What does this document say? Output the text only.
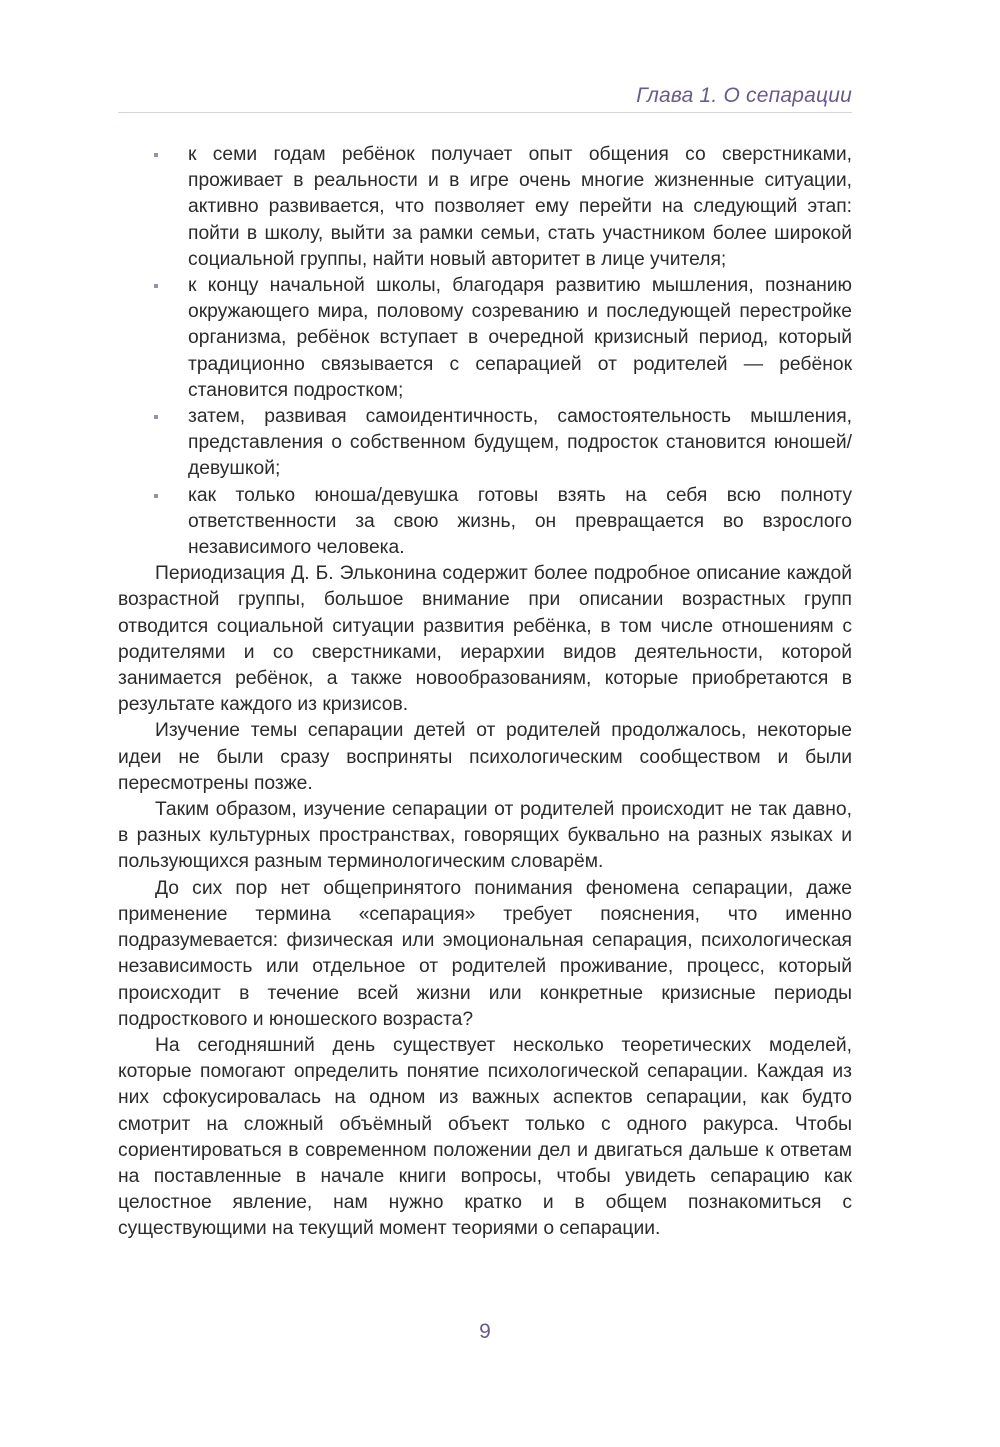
Глава 1. О сепарации
к семи годам ребёнок получает опыт общения со сверстниками, проживает в реальности и в игре очень многие жизненные ситуации, активно развивается, что позволяет ему перейти на следующий этап: пойти в школу, выйти за рамки семьи, стать участником более широкой социальной группы, найти новый авторитет в лице учителя;
к концу начальной школы, благодаря развитию мышления, познанию окружающего мира, половому созреванию и последующей перестройке организма, ребёнок вступает в очередной кризисный период, который традиционно связывается с сепарацией от родителей — ребёнок становится подростком;
затем, развивая самоидентичность, самостоятельность мышления, представления о собственном будущем, подросток становится юношей/девушкой;
как только юноша/девушка готовы взять на себя всю полноту ответственности за свою жизнь, он превращается во взрослого независимого человека.

Периодизация Д. Б. Эльконина содержит более подробное описание каждой возрастной группы, большое внимание при описании возрастных групп отводится социальной ситуации развития ребёнка, в том числе отношениям с родителями и со сверстниками, иерархии видов деятельности, которой занимается ребёнок, а также новообразованиям, которые приобретаются в результате каждого из кризисов.

Изучение темы сепарации детей от родителей продолжалось, некоторые идеи не были сразу восприняты психологическим сообществом и были пересмотрены позже.

Таким образом, изучение сепарации от родителей происходит не так давно, в разных культурных пространствах, говорящих буквально на разных языках и пользующихся разным терминологическим словарём.

До сих пор нет общепринятого понимания феномена сепарации, даже применение термина «сепарация» требует пояснения, что именно подразумевается: физическая или эмоциональная сепарация, психологическая независимость или отдельное от родителей проживание, процесс, который происходит в течение всей жизни или конкретные кризисные периоды подросткового и юношеского возраста?

На сегодняшний день существует несколько теоретических моделей, которые помогают определить понятие психологической сепарации. Каждая из них сфокусировалась на одном из важных аспектов сепарации, как будто смотрит на сложный объёмный объект только с одного ракурса. Чтобы сориентироваться в современном положении дел и двигаться дальше к ответам на поставленные в начале книги вопросы, чтобы увидеть сепарацию как целостное явление, нам нужно кратко и в общем познакомиться с существующими на текущий момент теориями о сепарации.

9
